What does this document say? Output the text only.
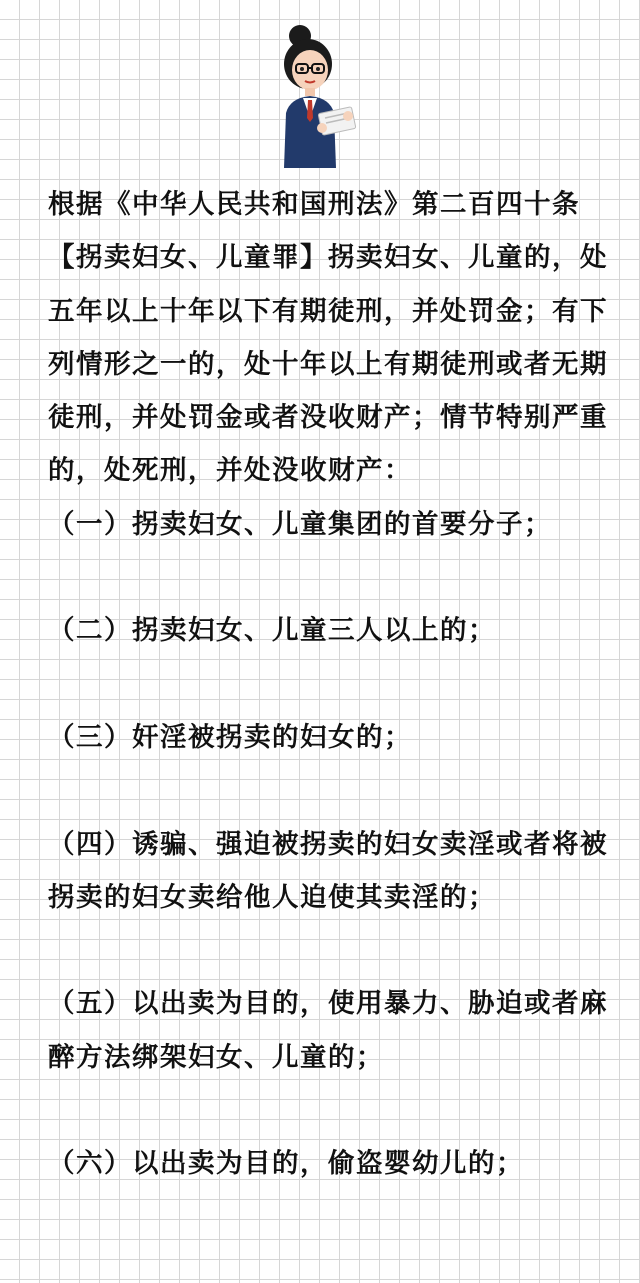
根据《中华人民共和国刑法》第二百四十条【拐卖妇女、儿童罪】拐卖妇女、儿童的，处五年以上十年以下有期徒刑，并处罚金；有下列情形之一的，处十年以上有期徒刑或者无期徒刑，并处罚金或者没收财产；情节特别严重的，处死刑，并处没收财产：

（一）拐卖妇女、儿童集团的首要分子；

（二）拐卖妇女、儿童三人以上的；

（三）奸淫被拐卖的妇女的；

（四）诱骗、强迫被拐卖的妇女卖淫或者将被拐卖的妇女卖给他人迫使其卖淫的；

（五）以出卖为目的，使用暴力、胁迫或者麻醉方法绑架妇女、儿童的；

（六）以出卖为目的，偷盗婴幼儿的；
